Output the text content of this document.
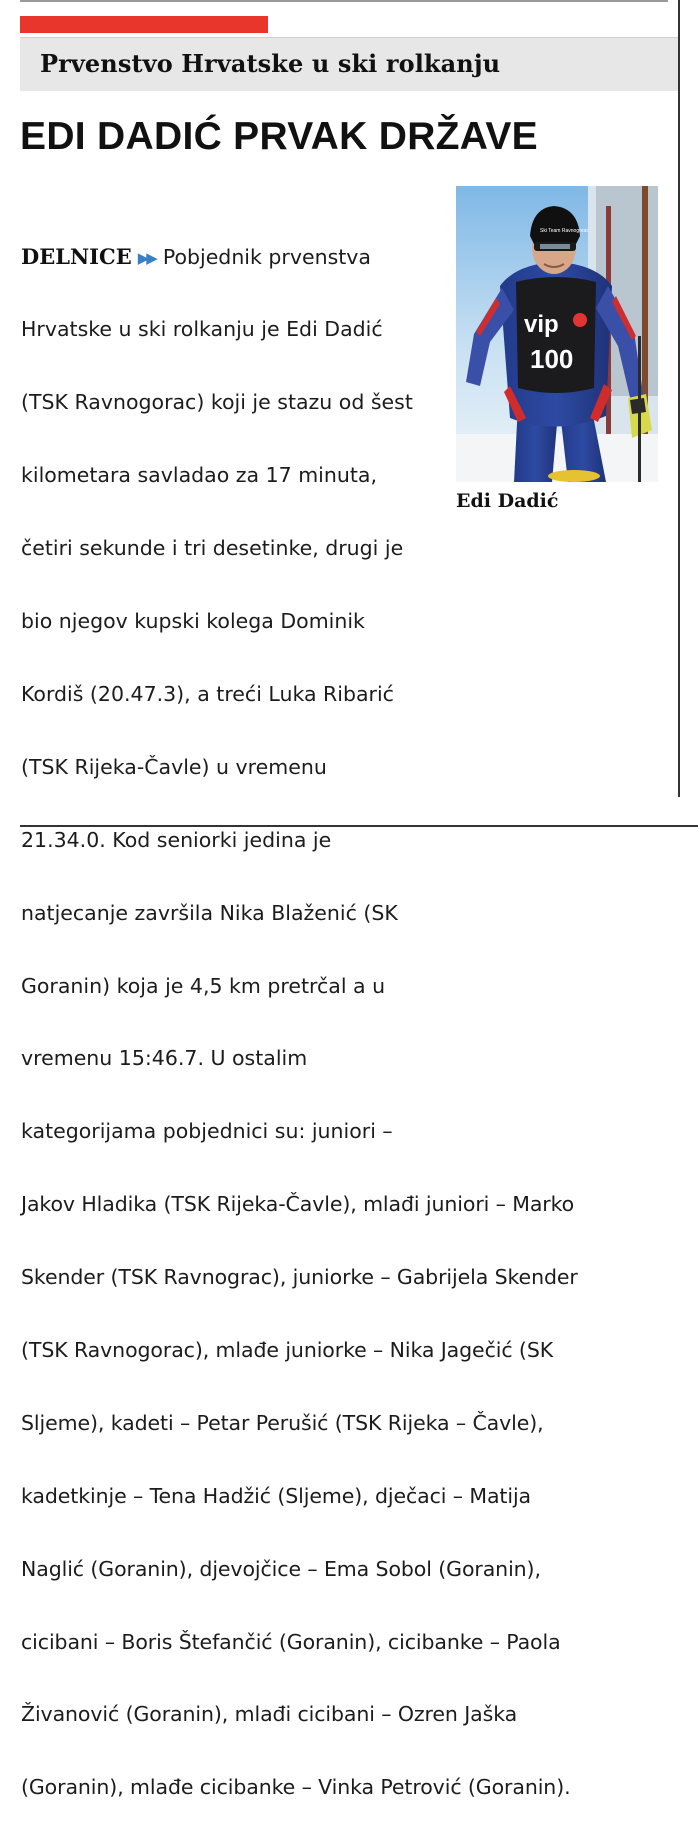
Prvenstvo Hrvatske u ski rolkanju
EDI DADIĆ PRVAK DRŽAVE
vip
100
Ski Team Ravnogorac
Edi Dadić

DELNICE ▶▶ Pobjednik prvenstva

Hrvatske u ski rolkanju je Edi Dadić

(TSK Ravnogorac) koji je stazu od šest

kilometara savladao za 17 minuta,

četiri sekunde i tri desetinke, drugi je

bio njegov kupski kolega Dominik

Kordiš (20.47.3), a treći Luka Ribarić

(TSK Rijeka-Čavle) u vremenu

21.34.0. Kod seniorki jedina je

natjecanje završila Nika Blaženić (SK

Goranin) koja je 4,5 km pretrčal a u

vremenu 15:46.7. U ostalim

kategorijama pobjednici su: juniori –

Jakov Hladika (TSK Rijeka-Čavle), mlađi juniori – Marko

Skender (TSK Ravnograc), juniorke – Gabrijela Skender

(TSK Ravnogorac), mlađe juniorke – Nika Jagečić (SK

Sljeme), kadeti – Petar Perušić (TSK Rijeka – Čavle),

kadetkinje – Tena Hadžić (Sljeme), dječaci – Matija

Naglić (Goranin), djevojčice – Ema Sobol (Goranin),

cicibani – Boris Štefančić (Goranin), cicibanke – Paola

Živanović (Goranin), mlađi cicibani – Ozren Jaška

(Goranin), mlađe cicibanke – Vinka Petrović (Goranin).
